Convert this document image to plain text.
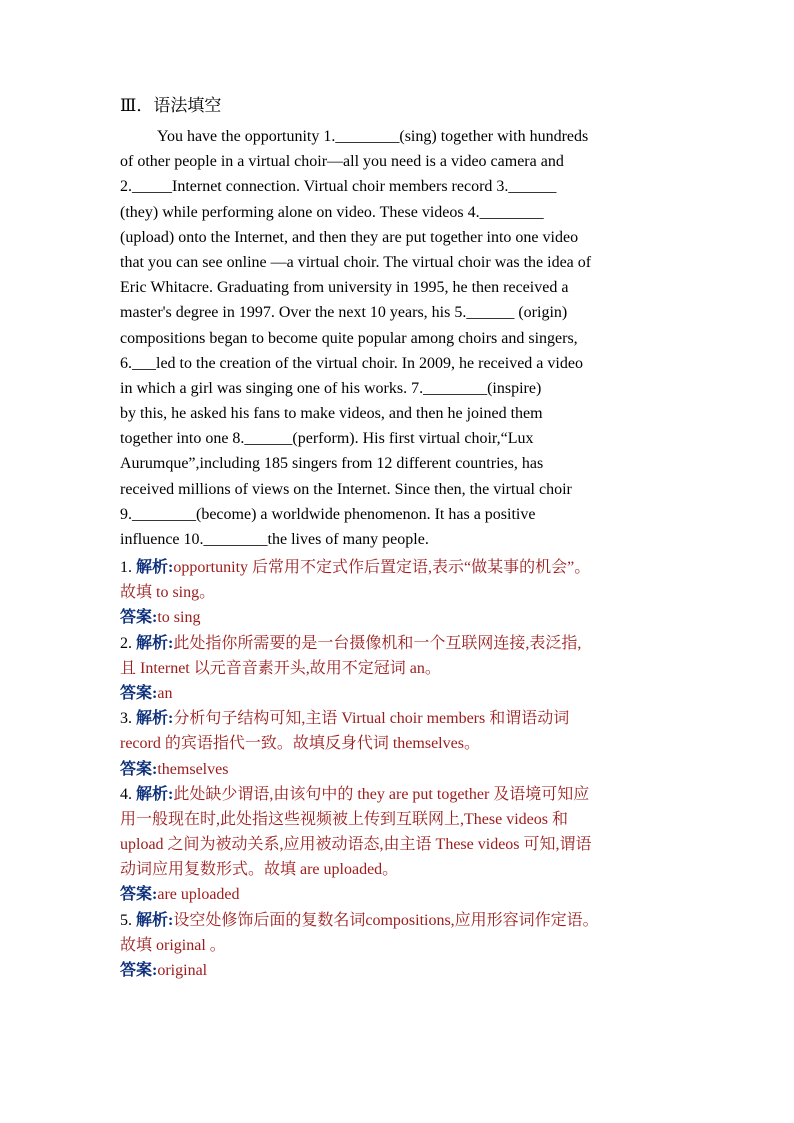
Ⅲ．语法填空
You have the opportunity 1.________(sing) together with hundreds
of other people in a virtual choir—all you need is a video camera and
2._____Internet connection. Virtual choir members record 3.______
(they) while performing alone on video. These videos 4.________
(upload) onto the Internet, and then they are put together into one video
that you can see online —a virtual choir. The virtual choir was the idea of
Eric Whitacre. Graduating from university in 1995, he then received a
master's degree in 1997. Over the next 10 years, his 5.______ (origin)
compositions began to become quite popular among choirs and singers,
6.___led to the creation of the virtual choir. In 2009, he received a video
in which a girl was singing one of his works. 7.________(inspire)
by this, he asked his fans to make videos, and then he joined them
together into one 8.______(perform). His first virtual choir,“Lux
Aurumque”,including 185 singers from 12 different countries, has
received millions of views on the Internet. Since then, the virtual choir
9.________(become) a worldwide phenomenon. It has a positive
influence 10.________the lives of many people.
1. 解析:opportunity 后常用不定式作后置定语,表示“做某事的机会”。
故填 to sing。
答案:to sing
2. 解析:此处指你所需要的是一台摄像机和一个互联网连接,表泛指,
且 Internet 以元音音素开头,故用不定冠词 an。
答案:an
3. 解析:分析句子结构可知,主语 Virtual choir members 和谓语动词
record 的宾语指代一致。故填反身代词 themselves。
答案:themselves
4. 解析:此处缺少谓语,由该句中的 they are put together 及语境可知应
用一般现在时,此处指这些视频被上传到互联网上,These videos 和
upload 之间为被动关系,应用被动语态,由主语 These videos 可知,谓语
动词应用复数形式。故填 are uploaded。
答案:are uploaded
5. 解析:设空处修饰后面的复数名词compositions,应用形容词作定语。
故填 original 。
答案:original
